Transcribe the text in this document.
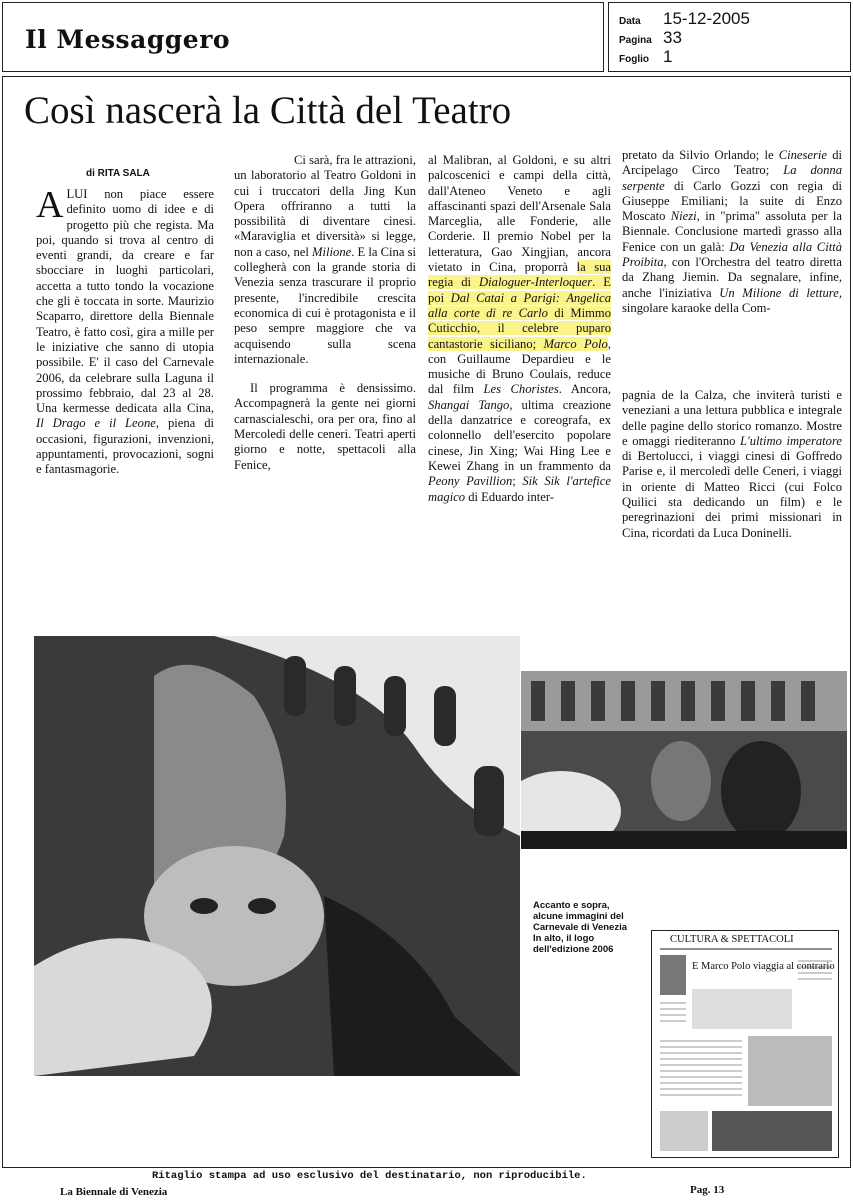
Il Messaggero
Data 15-12-2005
Pagina 33
Foglio 1
Così nascerà la Città del Teatro
di RITA SALA

ALUI non piace essere definito uomo di idee e di progetto più che regista. Ma poi, quando si trova al centro di eventi grandi, da creare e far sbocciare in luoghi particolari, accetta a tutto tondo la vocazione che gli è toccata in sorte. Maurizio Scaparro, direttore della Biennale Teatro, è fatto così, gira a mille per le iniziative che sanno di utopia possibile. E' il caso del Carnevale 2006, da celebrare sulla Laguna il prossimo febbraio, dal 23 al 28. Una kermesse dedicata alla Cina, Il Drago e il Leone, piena di occasioni, figurazioni, invenzioni, appuntamenti, provocazioni, sogni e fantasmagorie.

Ci sarà, fra le attrazioni, un laboratorio al Teatro Goldoni in cui i truccatori della Jing Kun Opera offriranno a tutti la possibilità di diventare cinesi. «Maraviglia et diversità» si legge, non a caso, nel Milione. E la Cina si collegherà con la grande storia di Venezia senza trascurare il proprio presente, l'incredibile crescita economica di cui è protagonista e il peso sempre maggiore che va acquisendo sulla scena internazionale.

Il programma è densissimo. Accompagnerà la gente nei giorni carnascialeschi, ora per ora, fino al Mercoledì delle ceneri. Teatri aperti giorno e notte, spettacoli alla Fenice,

al Malibran, al Goldoni, e su altri palcoscenici e campi della città, dall'Ateneo Veneto e agli affascinanti spazi dell'Arsenale Sala Marceglia, alle Fonderie, alle Corderie. Il premio Nobel per la letteratura, Gao Xingjian, ancora vietato in Cina, proporrà la sua regia di Dialoguer-Interloquer. E poi Dal Catai a Parigi: Angelica alla corte di re Carlo di Mimmo Cuticchio, il celebre puparo cantastorie siciliano; Marco Polo, con Guillaume Depardieu e le musiche di Bruno Coulais, reduce dal film Les Choristes. Ancora, Shangai Tango, ultima creazione della danzatrice e coreografa, ex colonnello dell'esercito popolare cinese, Jin Xing; Wai Hing Lee e Kewei Zhang in un frammento da Peony Pavillion; Sik Sik l'artefice magico di Eduardo inter-

pretato da Silvio Orlando; le Cineserie di Arcipelago Circo Teatro; La donna serpente di Carlo Gozzi con regia di Giuseppe Emiliani; la suite di Enzo Moscato Niezi, in "prima" assoluta per la Biennale. Conclusione martedì grasso alla Fenice con un galà: Da Venezia alla Città Proibita, con l'Orchestra del teatro diretta da Zhang Jiemin. Da segnalare, infine, anche l'iniziativa Un Milione di letture, singolare karaoke della Com-

pagnia de la Calza, che inviterà turisti e veneziani a una lettura pubblica e integrale delle pagine dello storico romanzo. Mostre e omaggi riediteranno L'ultimo imperatore di Bertolucci, i viaggi cinesi di Goffredo Parise e, il mercoledì delle Ceneri, i viaggi in oriente di Matteo Ricci (cui Folco Quilici sta dedicando un film) e le peregrinazioni dei primi missionari in Cina, ricordati da Luca Doninelli.

Accanto e sopra, alcune immagini del Carnevale di Venezia In alto, il logo dell'edizione 2006
CULTURA & SPETTACOLI
E Marco Polo viaggia al contrario
Ritaglio stampa ad uso esclusivo del destinatario, non riproducibile.
La Biennale di Venezia	Pag. 13
